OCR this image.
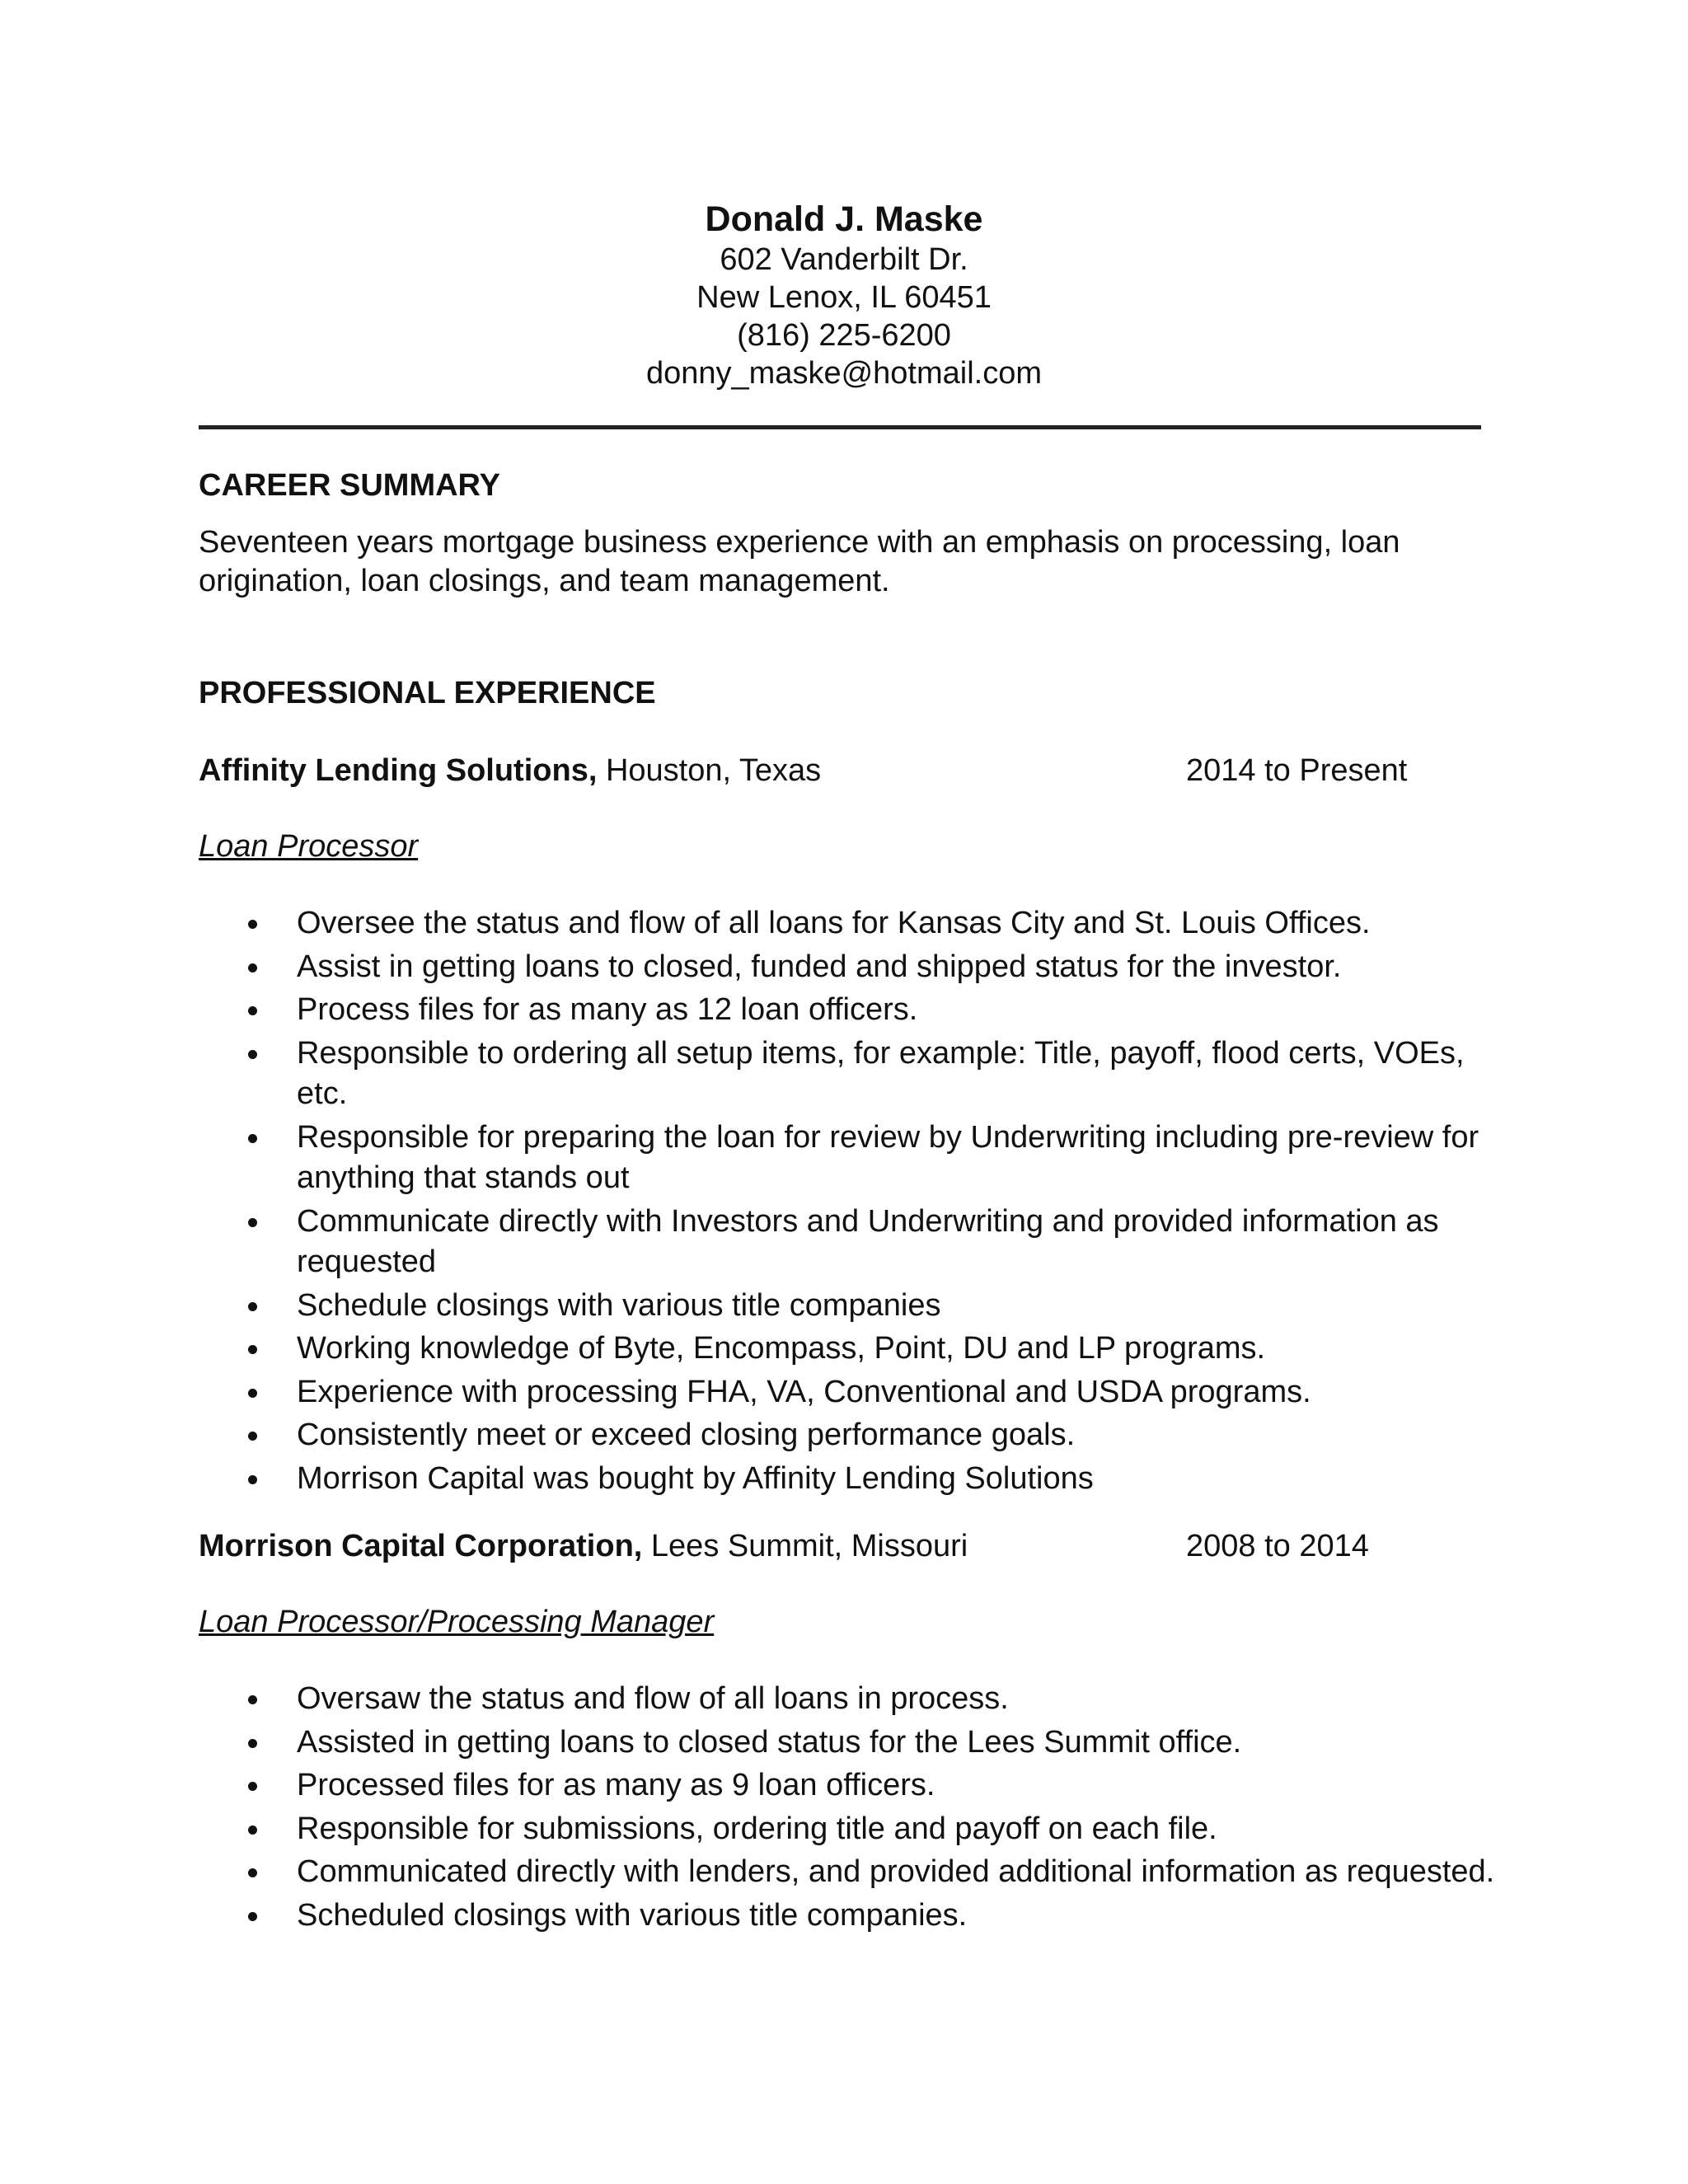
Donald J. Maske
602 Vanderbilt Dr.
New Lenox, IL 60451
(816) 225-6200
donny_maske@hotmail.com
CAREER SUMMARY
Seventeen years mortgage business experience with an emphasis on processing, loan origination, loan closings, and team management.
PROFESSIONAL EXPERIENCE
Affinity Lending Solutions, Houston, Texas	2014 to Present
Loan Processor
Oversee the status and flow of all loans for Kansas City and St. Louis Offices.
Assist in getting loans to closed, funded and shipped status for the investor.
Process files for as many as 12 loan officers.
Responsible to ordering all setup items, for example: Title, payoff, flood certs, VOEs, etc.
Responsible for preparing the loan for review by Underwriting including pre-review for anything that stands out
Communicate directly with Investors and Underwriting and provided information as requested
Schedule closings with various title companies
Working knowledge of Byte, Encompass, Point, DU and LP programs.
Experience with processing FHA, VA, Conventional and USDA programs.
Consistently meet or exceed closing performance goals.
Morrison Capital was bought by Affinity Lending Solutions
Morrison Capital Corporation, Lees Summit, Missouri	2008 to 2014
Loan Processor/Processing Manager
Oversaw the status and flow of all loans in process.
Assisted in getting loans to closed status for the Lees Summit office.
Processed files for as many as 9 loan officers.
Responsible for submissions, ordering title and payoff on each file.
Communicated directly with lenders, and provided additional information as requested.
Scheduled closings with various title companies.
